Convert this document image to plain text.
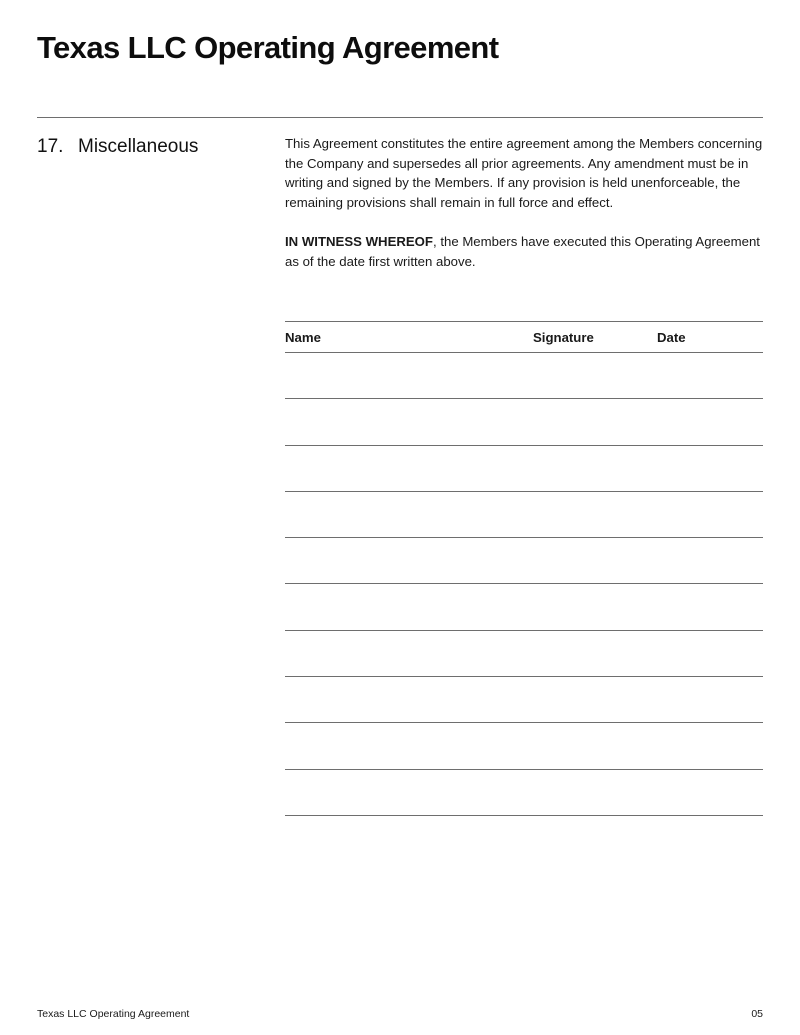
Texas LLC Operating Agreement
17. Miscellaneous	This Agreement constitutes the entire agreement among the Members concerning the Company and supersedes all prior agreements. Any amendment must be in writing and signed by the Members. If any provision is held unenforceable, the remaining provisions shall remain in full force and effect.

IN WITNESS WHEREOF, the Members have executed this Operating Agreement as of the date first written above.

Name	Signature	Date
Texas LLC Operating Agreement	05
